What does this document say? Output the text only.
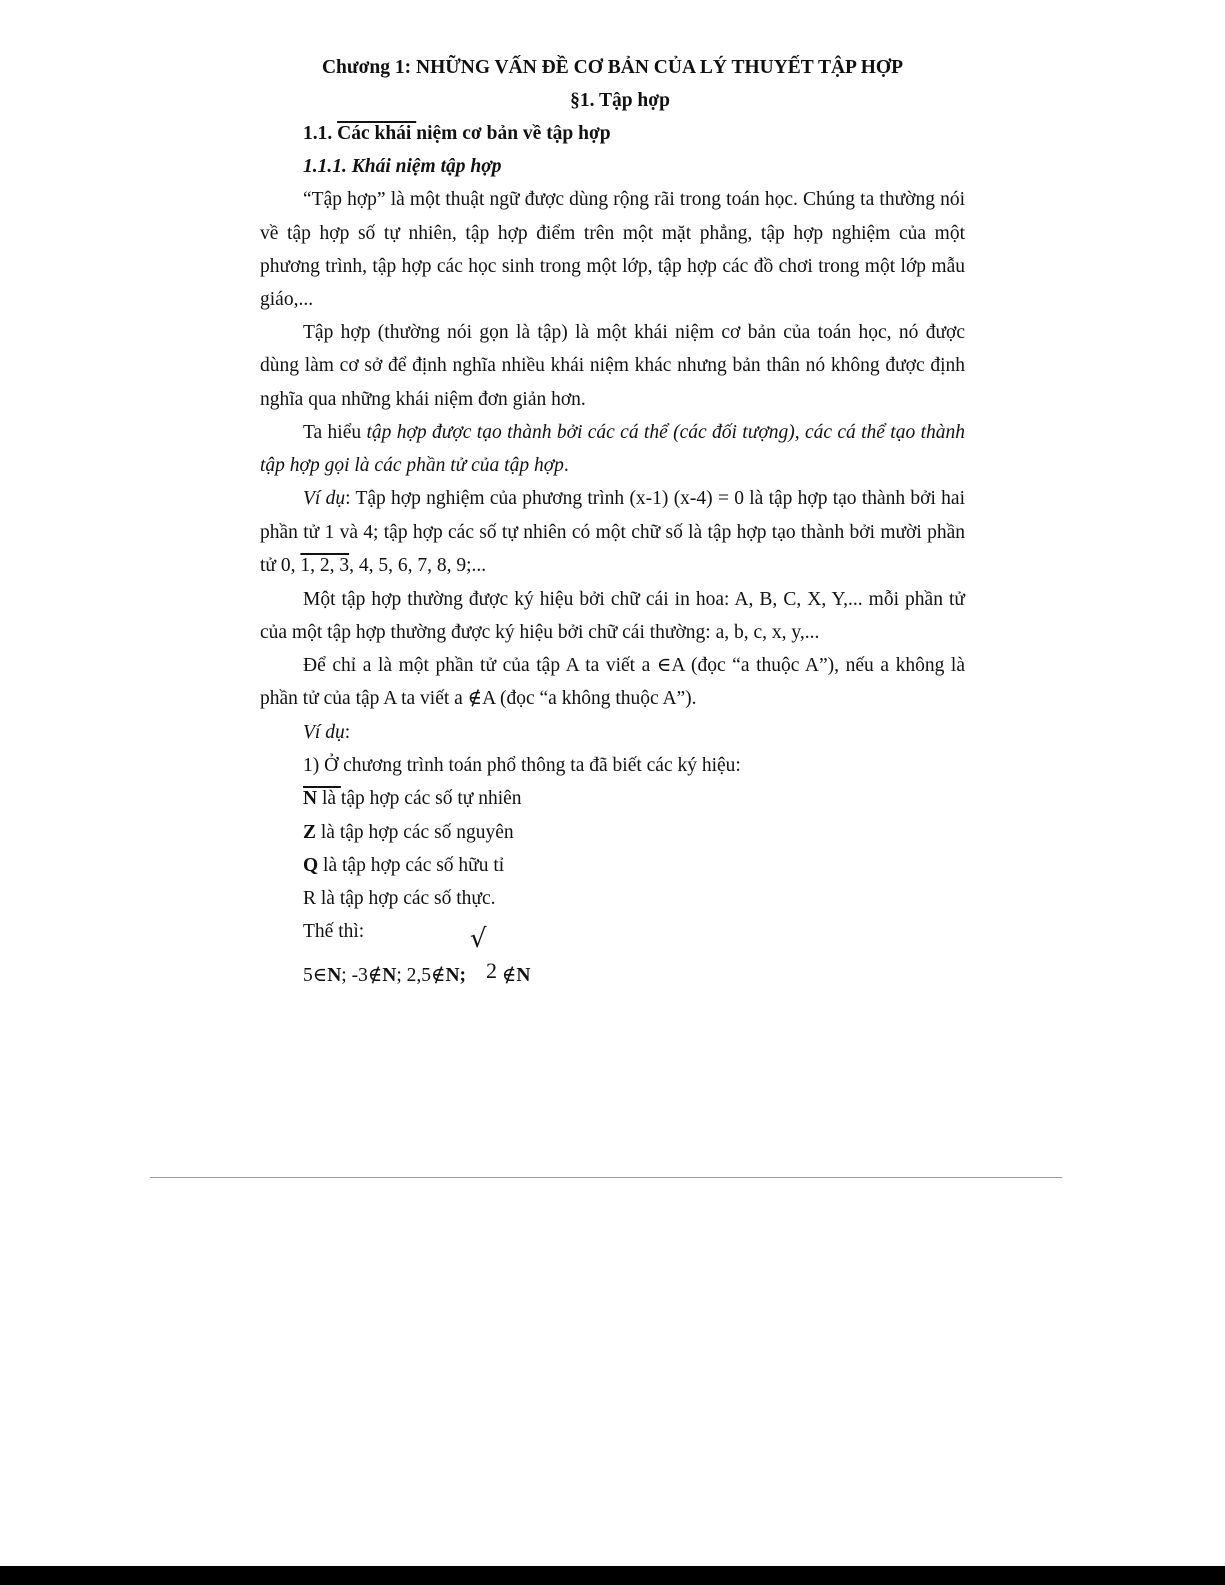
Chương 1: NHỮNG VẤN ĐỀ CƠ BẢN CỦA LÝ THUYẾT TẬP HỢP

§1. Tập hợp

1.1. Các khái niệm cơ bản về tập hợp

1.1.1. Khái niệm tập hợp

“Tập hợp” là một thuật ngữ được dùng rộng rãi trong toán học. Chúng ta thường nói

về tập hợp số tự nhiên, tập hợp điểm trên một mặt phẳng, tập hợp nghiệm của một

phương trình, tập hợp các học sinh trong một lớp, tập hợp các đồ chơi trong một lớp mẫu

giáo,...

Tập hợp (thường nói gọn là tập) là một khái niệm cơ bản của toán học, nó được

dùng làm cơ sở để định nghĩa nhiều khái niệm khác nhưng bản thân nó không được định

nghĩa qua những khái niệm đơn giản hơn.

Ta hiểu tập hợp được tạo thành bởi các cá thể (các đối tượng), các cá thể tạo thành

tập hợp gọi là các phần tử của tập hợp.

Ví dụ: Tập hợp nghiệm của phương trình (x-1) (x-4) = 0 là tập hợp tạo thành bởi hai

phần tử 1 và 4; tập hợp các số tự nhiên có một chữ số là tập hợp tạo thành bởi mười phần

tử 0, 1, 2, 3, 4, 5, 6, 7, 8, 9;...

Một tập hợp thường được ký hiệu bởi chữ cái in hoa: A, B, C, X, Y,... mỗi phần tử

của một tập hợp thường được ký hiệu bởi chữ cái thường: a, b, c, x, y,...

Để chỉ a là một phần tử của tập A ta viết a ∈A (đọc “a thuộc A”), nếu a không là

phần tử của tập A ta viết a ∉A (đọc “a không thuộc A”).

Ví dụ:

1) Ở chương trình toán phổ thông ta đã biết các ký hiệu:

$\overline{N}$ là tập hợp các số tự nhiên

Z là tập hợp các số nguyên

Q là tập hợp các số hữu tỉ

R là tập hợp các số thực.

Thế thì:	√

5∈N; -3∉N; 2,5∉N; 2 ∉N
